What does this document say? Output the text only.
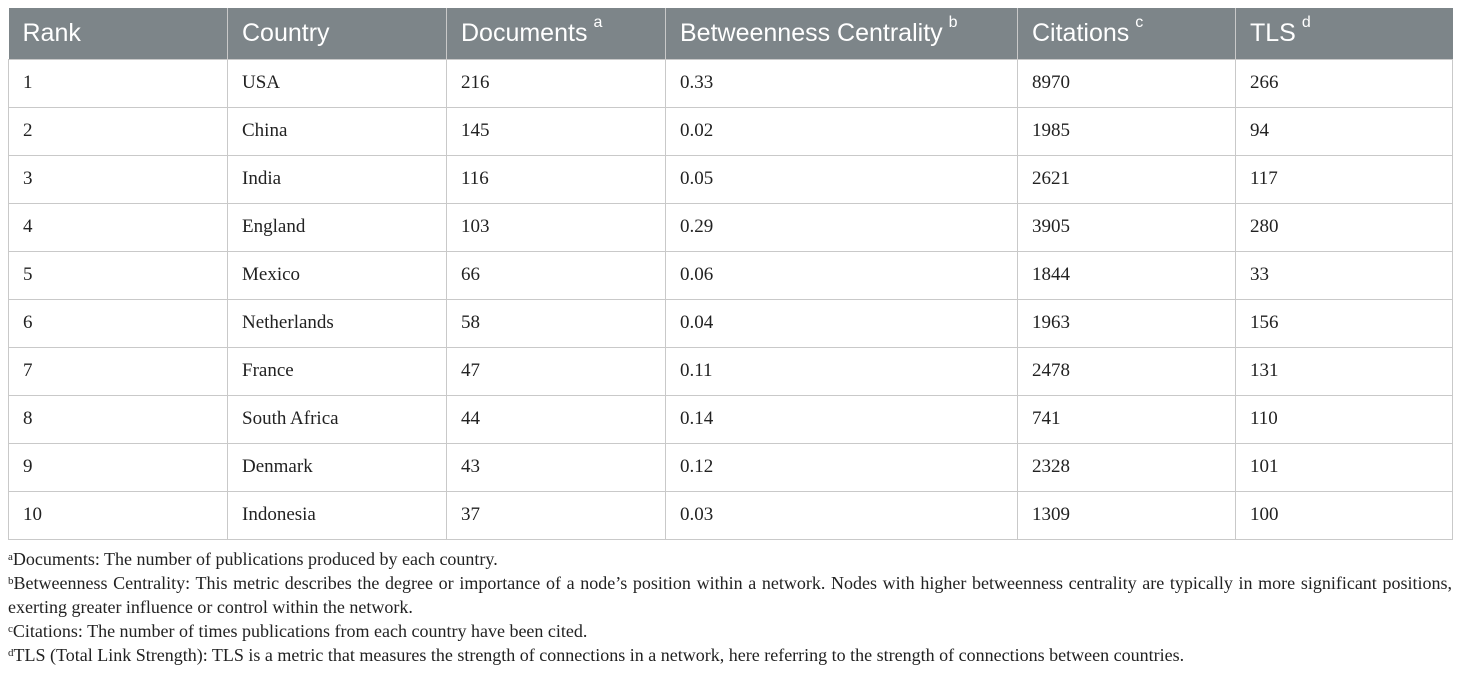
Rank	Country	Documents $^a$	Betweenness Centrality $^b$	Citations $^c$	TLS $^d$
1	USA	216	0.33	8970	266
2	China	145	0.02	1985	94
3	India	116	0.05	2621	117
4	England	103	0.29	3905	280
5	Mexico	66	0.06	1844	33
6	Netherlands	58	0.04	1963	156
7	France	47	0.11	2478	131
8	South Africa	44	0.14	741	110
9	Denmark	43	0.12	2328	101
10	Indonesia	37	0.03	1309	100

$^a$Documents: The number of publications produced by each country.

$^b$Betweenness Centrality: This metric describes the degree or importance of a node’s position within a network. Nodes with higher betweenness centrality are typically in more significant positions, exerting greater influence or control within the network.

$^c$Citations: The number of times publications from each country have been cited.

$^d$TLS (Total Link Strength): TLS is a metric that measures the strength of connections in a network, here referring to the strength of connections between countries.
